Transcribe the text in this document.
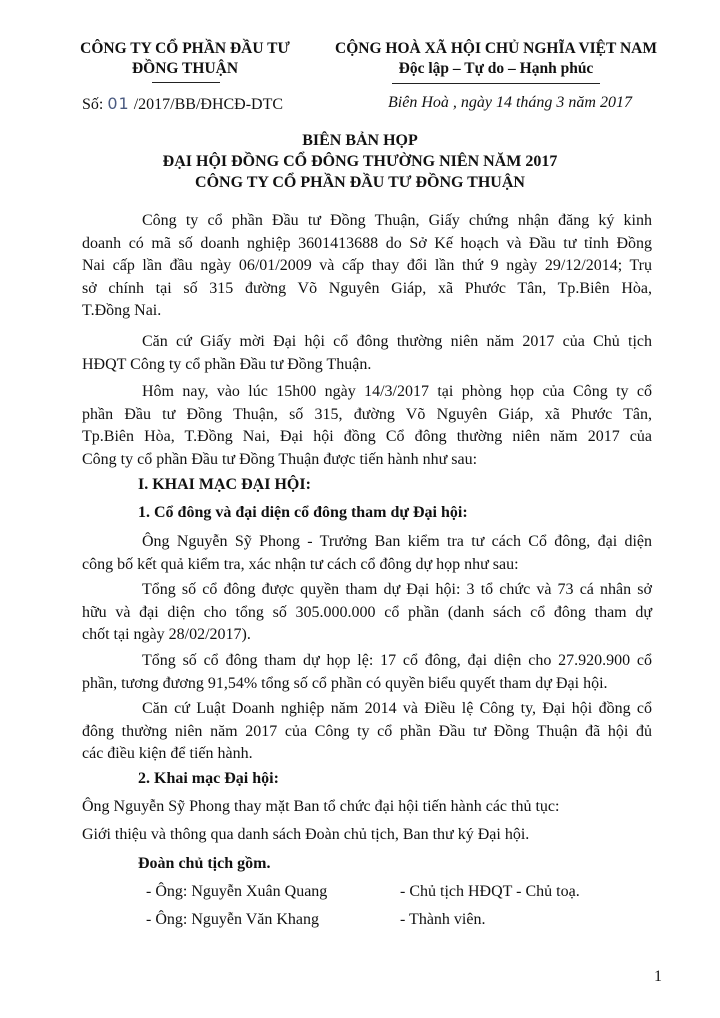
CÔNG TY CỔ PHẦN ĐẦU TƯ
ĐỒNG THUẬN
CỘNG HOÀ XÃ HỘI CHỦ NGHĨA VIỆT NAM
Độc lập – Tự do – Hạnh phúc
Số: 01 /2017/BB/ĐHCĐ-DTC	Biên Hoà , ngày 14 tháng 3 năm 2017
BIÊN BẢN HỌP
ĐẠI HỘI ĐỒNG CỔ ĐÔNG THƯỜNG NIÊN NĂM 2017
CÔNG TY CỔ PHẦN ĐẦU TƯ ĐỒNG THUẬN
Công ty cổ phần Đầu tư Đồng Thuận, Giấy chứng nhận đăng ký kinh
doanh có mã số doanh nghiệp 3601413688 do Sở Kế hoạch và Đầu tư tỉnh Đồng
Nai cấp lần đầu ngày 06/01/2009 và cấp thay đổi lần thứ 9 ngày 29/12/2014; Trụ
sở chính tại số 315 đường Võ Nguyên Giáp, xã Phước Tân, Tp.Biên Hòa,
T.Đồng Nai.
Căn cứ Giấy mời Đại hội cổ đông thường niên năm 2017 của Chủ tịch
HĐQT Công ty cổ phần Đầu tư Đồng Thuận.
Hôm nay, vào lúc 15h00 ngày 14/3/2017 tại phòng họp của Công ty cổ
phần Đầu tư Đồng Thuận, số 315, đường Võ Nguyên Giáp, xã Phước Tân,
Tp.Biên Hòa, T.Đồng Nai, Đại hội đồng Cổ đông thường niên năm 2017 của
Công ty cổ phần Đầu tư Đồng Thuận được tiến hành như sau:
I. KHAI MẠC ĐẠI HỘI:
1. Cổ đông và đại diện cổ đông tham dự Đại hội:
Ông Nguyễn Sỹ Phong - Trưởng Ban kiểm tra tư cách Cổ đông, đại diện
công bố kết quả kiểm tra, xác nhận tư cách cổ đông dự họp như sau:
Tổng số cổ đông được quyền tham dự Đại hội: 3 tổ chức và 73 cá nhân sở
hữu và đại diện cho tổng số 305.000.000 cổ phần (danh sách cổ đông tham dự
chốt tại ngày 28/02/2017).
Tổng số cổ đông tham dự họp lệ: 17 cổ đông, đại diện cho 27.920.900 cổ
phần, tương đương 91,54% tổng số cổ phần có quyền biểu quyết tham dự Đại hội.
Căn cứ Luật Doanh nghiệp năm 2014 và Điều lệ Công ty, Đại hội đồng cổ
đông thường niên năm 2017 của Công ty cổ phần Đầu tư Đồng Thuận đã hội đủ
các điều kiện để tiến hành.
2. Khai mạc Đại hội:
Ông Nguyễn Sỹ Phong thay mặt Ban tổ chức đại hội tiến hành các thủ tục:
Giới thiệu và thông qua danh sách Đoàn chủ tịch, Ban thư ký Đại hội.
Đoàn chủ tịch gồm.
- Ông: Nguyễn Xuân Quang	- Chủ tịch HĐQT - Chủ toạ.
- Ông: Nguyễn Văn Khang	- Thành viên.
1
